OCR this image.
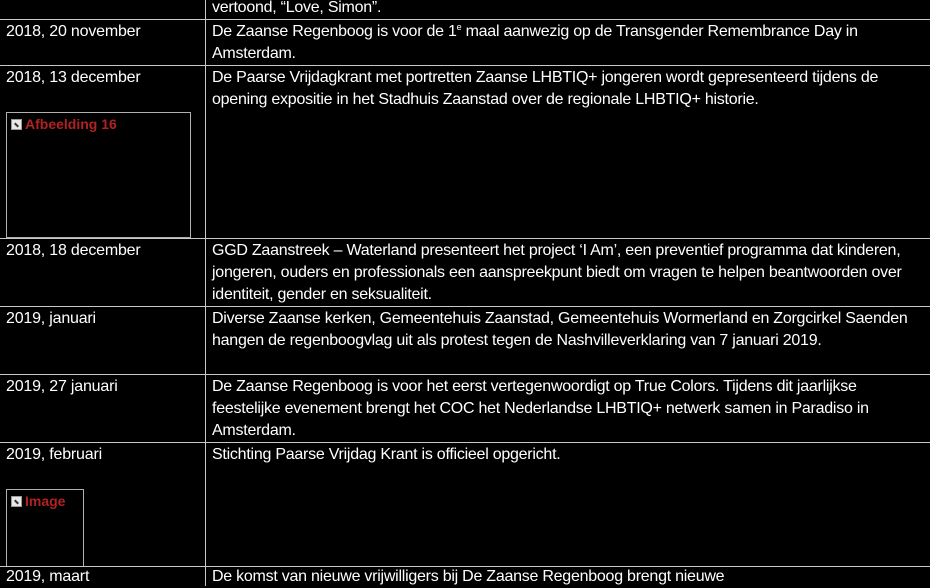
vertoond, “Love, Simon”.
2018, 20 november	De Zaanse Regenboog is voor de 1e maal aanwezig op de Transgender Remembrance Day in Amsterdam.
2018, 13 december	De Paarse Vrijdagkrant met portretten Zaanse LHBTIQ+ jongeren wordt gepresenteerd tijdens de opening expositie in het Stadhuis Zaanstad over de regionale LHBTIQ+ historie.
Afbeelding 16
2018, 18 december	GGD Zaanstreek – Waterland presenteert het project ‘I Am’, een preventief programma dat kinderen, jongeren, ouders en professionals een aanspreekpunt biedt om vragen te helpen beantwoorden over identiteit, gender en seksualiteit.
2019, januari	Diverse Zaanse kerken, Gemeentehuis Zaanstad, Gemeentehuis Wormerland en Zorgcirkel Saenden hangen de regenboogvlag uit als protest tegen de Nashvilleverklaring van 7 januari 2019.
2019, 27 januari	De Zaanse Regenboog is voor het eerst vertegenwoordigt op True Colors. Tijdens dit jaarlijkse feestelijke evenement brengt het COC het Nederlandse LHBTIQ+ netwerk samen in Paradiso in Amsterdam.
2019, februari	Stichting Paarse Vrijdag Krant is officieel opgericht.
Image
2019, maart	De komst van nieuwe vrijwilligers bij De Zaanse Regenboog brengt nieuwe
